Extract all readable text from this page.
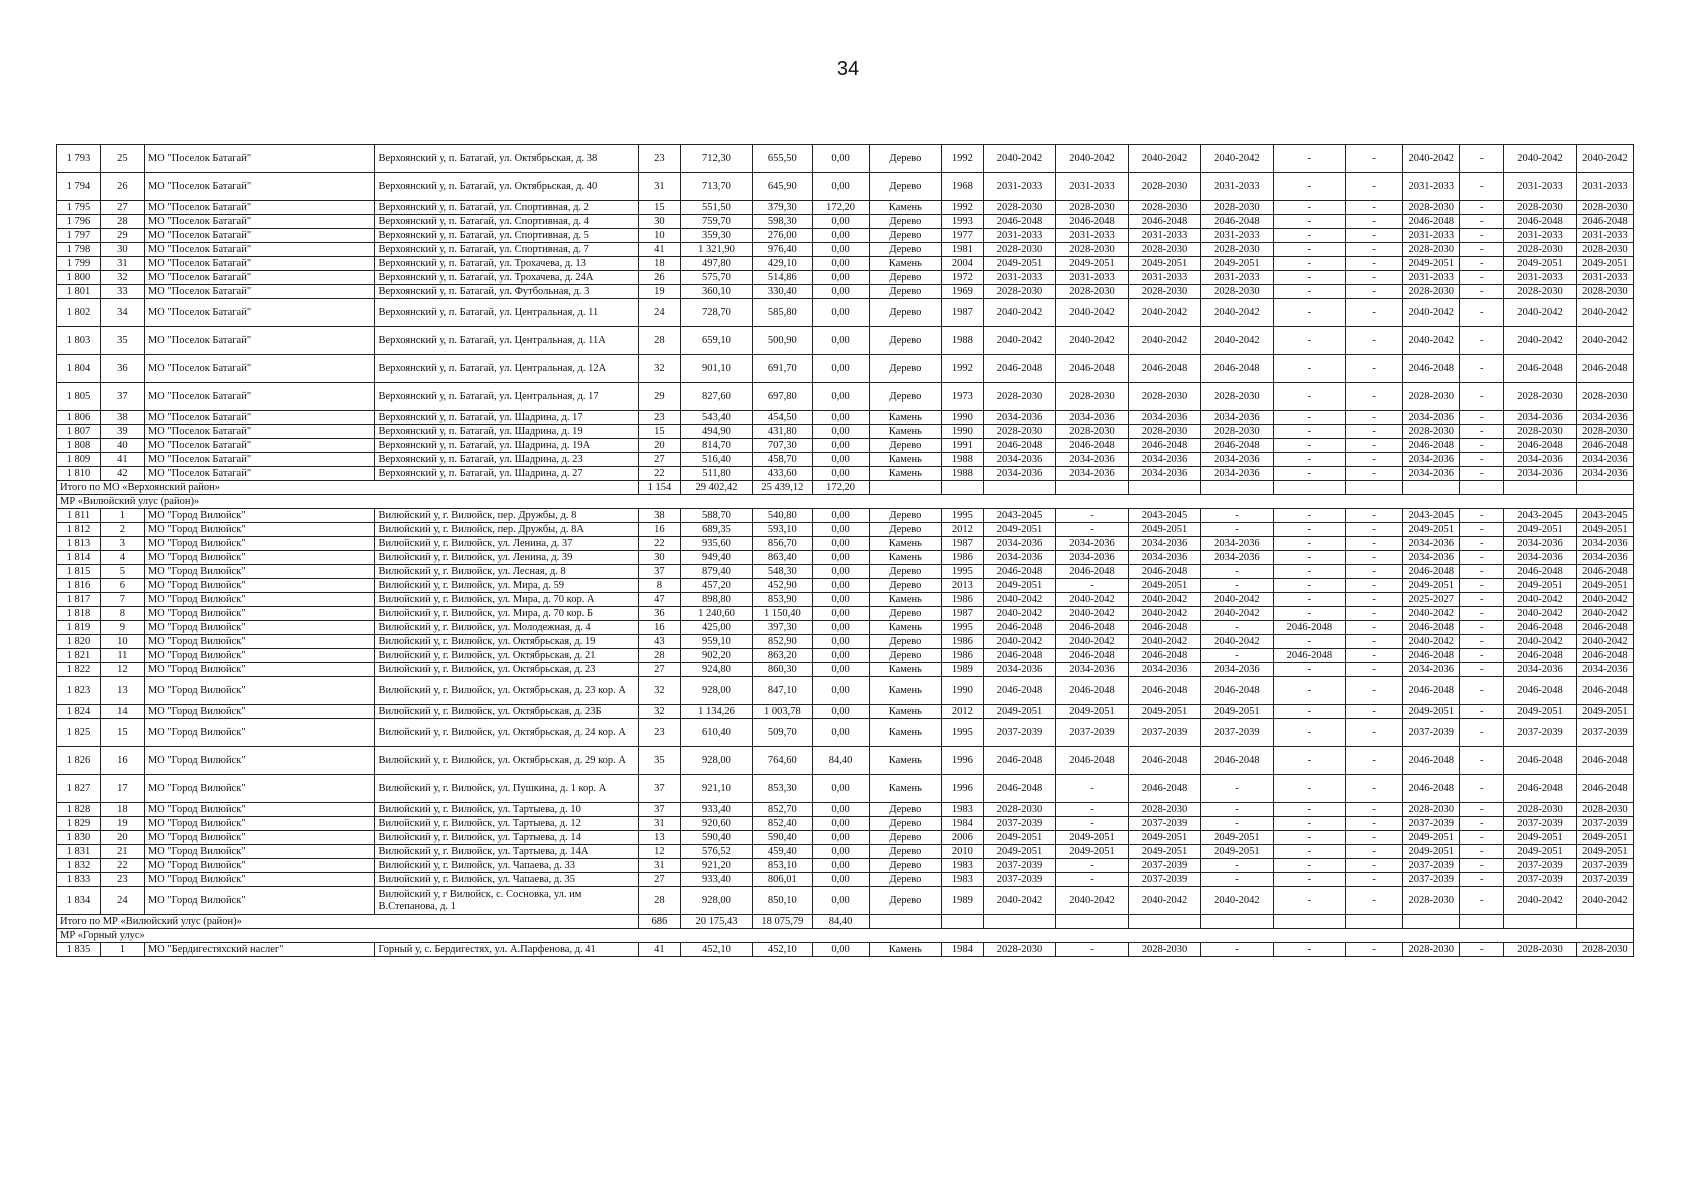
34
1 793	25	МО "Поселок Батагай"	Верхоянский у, п. Батагай, ул. Октябрьская, д. 38	23	712,30	655,50	0,00	Дерево	1992	2040-2042	2040-2042	2040-2042	2040-2042	-	-	2040-2042	-	2040-2042	2040-2042
1 794	26	МО "Поселок Батагай"	Верхоянский у, п. Батагай, ул. Октябрьская, д. 40	31	713,70	645,90	0,00	Дерево	1968	2031-2033	2031-2033	2028-2030	2031-2033	-	-	2031-2033	-	2031-2033	2031-2033
1 795	27	МО "Поселок Батагай"	Верхоянский у, п. Батагай, ул. Спортивная, д. 2	15	551,50	379,30	172,20	Камень	1992	2028-2030	2028-2030	2028-2030	2028-2030	-	-	2028-2030	-	2028-2030	2028-2030
1 796	28	МО "Поселок Батагай"	Верхоянский у, п. Батагай, ул. Спортивная, д. 4	30	759,70	598,30	0,00	Дерево	1993	2046-2048	2046-2048	2046-2048	2046-2048	-	-	2046-2048	-	2046-2048	2046-2048
1 797	29	МО "Поселок Батагай"	Верхоянский у, п. Батагай, ул. Спортивная, д. 5	10	359,30	276,00	0,00	Дерево	1977	2031-2033	2031-2033	2031-2033	2031-2033	-	-	2031-2033	-	2031-2033	2031-2033
1 798	30	МО "Поселок Батагай"	Верхоянский у, п. Батагай, ул. Спортивная, д. 7	41	1 321,90	976,40	0,00	Дерево	1981	2028-2030	2028-2030	2028-2030	2028-2030	-	-	2028-2030	-	2028-2030	2028-2030
1 799	31	МО "Поселок Батагай"	Верхоянский у, п. Батагай, ул. Трохачева, д. 13	18	497,80	429,10	0,00	Камень	2004	2049-2051	2049-2051	2049-2051	2049-2051	-	-	2049-2051	-	2049-2051	2049-2051
1 800	32	МО "Поселок Батагай"	Верхоянский у, п. Батагай, ул. Трохачева, д. 24А	26	575,70	514,86	0,00	Дерево	1972	2031-2033	2031-2033	2031-2033	2031-2033	-	-	2031-2033	-	2031-2033	2031-2033
1 801	33	МО "Поселок Батагай"	Верхоянский у, п. Батагай, ул. Футбольная, д. 3	19	360,10	330,40	0,00	Дерево	1969	2028-2030	2028-2030	2028-2030	2028-2030	-	-	2028-2030	-	2028-2030	2028-2030
1 802	34	МО "Поселок Батагай"	Верхоянский у, п. Батагай, ул. Центральная, д. 11	24	728,70	585,80	0,00	Дерево	1987	2040-2042	2040-2042	2040-2042	2040-2042	-	-	2040-2042	-	2040-2042	2040-2042
1 803	35	МО "Поселок Батагай"	Верхоянский у, п. Батагай, ул. Центральная, д. 11А	28	659,10	500,90	0,00	Дерево	1988	2040-2042	2040-2042	2040-2042	2040-2042	-	-	2040-2042	-	2040-2042	2040-2042
1 804	36	МО "Поселок Батагай"	Верхоянский у, п. Батагай, ул. Центральная, д. 12А	32	901,10	691,70	0,00	Дерево	1992	2046-2048	2046-2048	2046-2048	2046-2048	-	-	2046-2048	-	2046-2048	2046-2048
1 805	37	МО "Поселок Батагай"	Верхоянский у, п. Батагай, ул. Центральная, д. 17	29	827,60	697,80	0,00	Дерево	1973	2028-2030	2028-2030	2028-2030	2028-2030	-	-	2028-2030	-	2028-2030	2028-2030
1 806	38	МО "Поселок Батагай"	Верхоянский у, п. Батагай, ул. Шадрина, д. 17	23	543,40	454,50	0,00	Камень	1990	2034-2036	2034-2036	2034-2036	2034-2036	-	-	2034-2036	-	2034-2036	2034-2036
1 807	39	МО "Поселок Батагай"	Верхоянский у, п. Батагай, ул. Шадрина, д. 19	15	494,90	431,80	0,00	Камень	1990	2028-2030	2028-2030	2028-2030	2028-2030	-	-	2028-2030	-	2028-2030	2028-2030
1 808	40	МО "Поселок Батагай"	Верхоянский у, п. Батагай, ул. Шадрина, д. 19А	20	814,70	707,30	0,00	Дерево	1991	2046-2048	2046-2048	2046-2048	2046-2048	-	-	2046-2048	-	2046-2048	2046-2048
1 809	41	МО "Поселок Батагай"	Верхоянский у, п. Батагай, ул. Шадрина, д. 23	27	516,40	458,70	0,00	Камень	1988	2034-2036	2034-2036	2034-2036	2034-2036	-	-	2034-2036	-	2034-2036	2034-2036
1 810	42	МО "Поселок Батагай"	Верхоянский у, п. Батагай, ул. Шадрина, д. 27	22	511,80	433,60	0,00	Камень	1988	2034-2036	2034-2036	2034-2036	2034-2036	-	-	2034-2036	-	2034-2036	2034-2036
Итого по МО «Верхоянский район»				1 154	29 402,42	25 439,12	172,20												
МР «Вилюйский улус (район)»																			
1 811	1	МО "Город Вилюйск"	Вилюйский у, г. Вилюйск, пер. Дружбы, д. 8	38	588,70	540,80	0,00	Дерево	1995	2043-2045	-	2043-2045	-	-	-	2043-2045	-	2043-2045	2043-2045
1 812	2	МО "Город Вилюйск"	Вилюйский у, г. Вилюйск, пер. Дружбы, д. 8А	16	689,35	593,10	0,00	Дерево	2012	2049-2051	-	2049-2051	-	-	-	2049-2051	-	2049-2051	2049-2051
1 813	3	МО "Город Вилюйск"	Вилюйский у, г. Вилюйск, ул. Ленина, д. 37	22	935,60	856,70	0,00	Камень	1987	2034-2036	2034-2036	2034-2036	2034-2036	-	-	2034-2036	-	2034-2036	2034-2036
1 814	4	МО "Город Вилюйск"	Вилюйский у, г. Вилюйск, ул. Ленина, д. 39	30	949,40	863,40	0,00	Камень	1986	2034-2036	2034-2036	2034-2036	2034-2036	-	-	2034-2036	-	2034-2036	2034-2036
1 815	5	МО "Город Вилюйск"	Вилюйский у, г. Вилюйск, ул. Лесная, д. 8	37	879,40	548,30	0,00	Дерево	1995	2046-2048	2046-2048	2046-2048	-	-	-	2046-2048	-	2046-2048	2046-2048
1 816	6	МО "Город Вилюйск"	Вилюйский у, г. Вилюйск, ул. Мира, д. 59	8	457,20	452,90	0,00	Дерево	2013	2049-2051	-	2049-2051	-	-	-	2049-2051	-	2049-2051	2049-2051
1 817	7	МО "Город Вилюйск"	Вилюйский у, г. Вилюйск, ул. Мира, д. 70 кор. А	47	898,80	853,90	0,00	Камень	1986	2040-2042	2040-2042	2040-2042	2040-2042	-	-	2025-2027	-	2040-2042	2040-2042
1 818	8	МО "Город Вилюйск"	Вилюйский у, г. Вилюйск, ул. Мира, д. 70 кор. Б	36	1 240,60	1 150,40	0,00	Дерево	1987	2040-2042	2040-2042	2040-2042	2040-2042	-	-	2040-2042	-	2040-2042	2040-2042
1 819	9	МО "Город Вилюйск"	Вилюйский у, г. Вилюйск, ул. Молодежная, д. 4	16	425,00	397,30	0,00	Камень	1995	2046-2048	2046-2048	2046-2048	-	2046-2048	-	2046-2048	-	2046-2048	2046-2048
1 820	10	МО "Город Вилюйск"	Вилюйский у, г. Вилюйск, ул. Октябрьская, д. 19	43	959,10	852,90	0,00	Дерево	1986	2040-2042	2040-2042	2040-2042	2040-2042	-	-	2040-2042	-	2040-2042	2040-2042
1 821	11	МО "Город Вилюйск"	Вилюйский у, г. Вилюйск, ул. Октябрьская, д. 21	28	902,20	863,20	0,00	Дерево	1986	2046-2048	2046-2048	2046-2048	-	2046-2048	-	2046-2048	-	2046-2048	2046-2048
1 822	12	МО "Город Вилюйск"	Вилюйский у, г. Вилюйск, ул. Октябрьская, д. 23	27	924,80	860,30	0,00	Камень	1989	2034-2036	2034-2036	2034-2036	2034-2036	-	-	2034-2036	-	2034-2036	2034-2036
1 823	13	МО "Город Вилюйск"	Вилюйский у, г. Вилюйск, ул. Октябрьская, д. 23 кор. А	32	928,00	847,10	0,00	Камень	1990	2046-2048	2046-2048	2046-2048	2046-2048	-	-	2046-2048	-	2046-2048	2046-2048
1 824	14	МО "Город Вилюйск"	Вилюйский у, г. Вилюйск, ул. Октябрьская, д. 23Б	32	1 134,26	1 003,78	0,00	Камень	2012	2049-2051	2049-2051	2049-2051	2049-2051	-	-	2049-2051	-	2049-2051	2049-2051
1 825	15	МО "Город Вилюйск"	Вилюйский у, г. Вилюйск, ул. Октябрьская, д. 24 кор. А	23	610,40	509,70	0,00	Камень	1995	2037-2039	2037-2039	2037-2039	2037-2039	-	-	2037-2039	-	2037-2039	2037-2039
1 826	16	МО "Город Вилюйск"	Вилюйский у, г. Вилюйск, ул. Октябрьская, д. 29 кор. А	35	928,00	764,60	84,40	Камень	1996	2046-2048	2046-2048	2046-2048	2046-2048	-	-	2046-2048	-	2046-2048	2046-2048
1 827	17	МО "Город Вилюйск"	Вилюйский у, г. Вилюйск, ул. Пушкина, д. 1 кор. А	37	921,10	853,30	0,00	Камень	1996	2046-2048	-	2046-2048	-	-	-	2046-2048	-	2046-2048	2046-2048
1 828	18	МО "Город Вилюйск"	Вилюйский у, г. Вилюйск, ул. Тартыева, д. 10	37	933,40	852,70	0,00	Дерево	1983	2028-2030	-	2028-2030	-	-	-	2028-2030	-	2028-2030	2028-2030
1 829	19	МО "Город Вилюйск"	Вилюйский у, г. Вилюйск, ул. Тартыева, д. 12	31	920,60	852,40	0,00	Дерево	1984	2037-2039	-	2037-2039	-	-	-	2037-2039	-	2037-2039	2037-2039
1 830	20	МО "Город Вилюйск"	Вилюйский у, г. Вилюйск, ул. Тартыева, д. 14	13	590,40	590,40	0,00	Дерево	2006	2049-2051	2049-2051	2049-2051	2049-2051	-	-	2049-2051	-	2049-2051	2049-2051
1 831	21	МО "Город Вилюйск"	Вилюйский у, г. Вилюйск, ул. Тартыева, д. 14А	12	576,52	459,40	0,00	Дерево	2010	2049-2051	2049-2051	2049-2051	2049-2051	-	-	2049-2051	-	2049-2051	2049-2051
1 832	22	МО "Город Вилюйск"	Вилюйский у, г. Вилюйск, ул. Чапаева, д. 33	31	921,20	853,10	0,00	Дерево	1983	2037-2039	-	2037-2039	-	-	-	2037-2039	-	2037-2039	2037-2039
1 833	23	МО "Город Вилюйск"	Вилюйский у, г. Вилюйск, ул. Чапаева, д. 35	27	933,40	806,01	0,00	Дерево	1983	2037-2039	-	2037-2039	-	-	-	2037-2039	-	2037-2039	2037-2039
1 834	24	МО "Город Вилюйск"	Вилюйский у, г Вилюйск, с. Сосновка, ул. им В.Степанова, д. 1	28	928,00	850,10	0,00	Дерево	1989	2040-2042	2040-2042	2040-2042	2040-2042	-	-	2028-2030	-	2040-2042	2040-2042
Итого по МР «Вилюйский улус (район)»				686	20 175,43	18 075,79	84,40												
МР «Горный улус»																			
1 835	1	МО "Бердигестяхский наслег"	Горный у, с. Бердигестях, ул. А.Парфенова, д. 41	41	452,10	452,10	0,00	Камень	1984	2028-2030	-	2028-2030	-	-	-	2028-2030	-	2028-2030	2028-2030
